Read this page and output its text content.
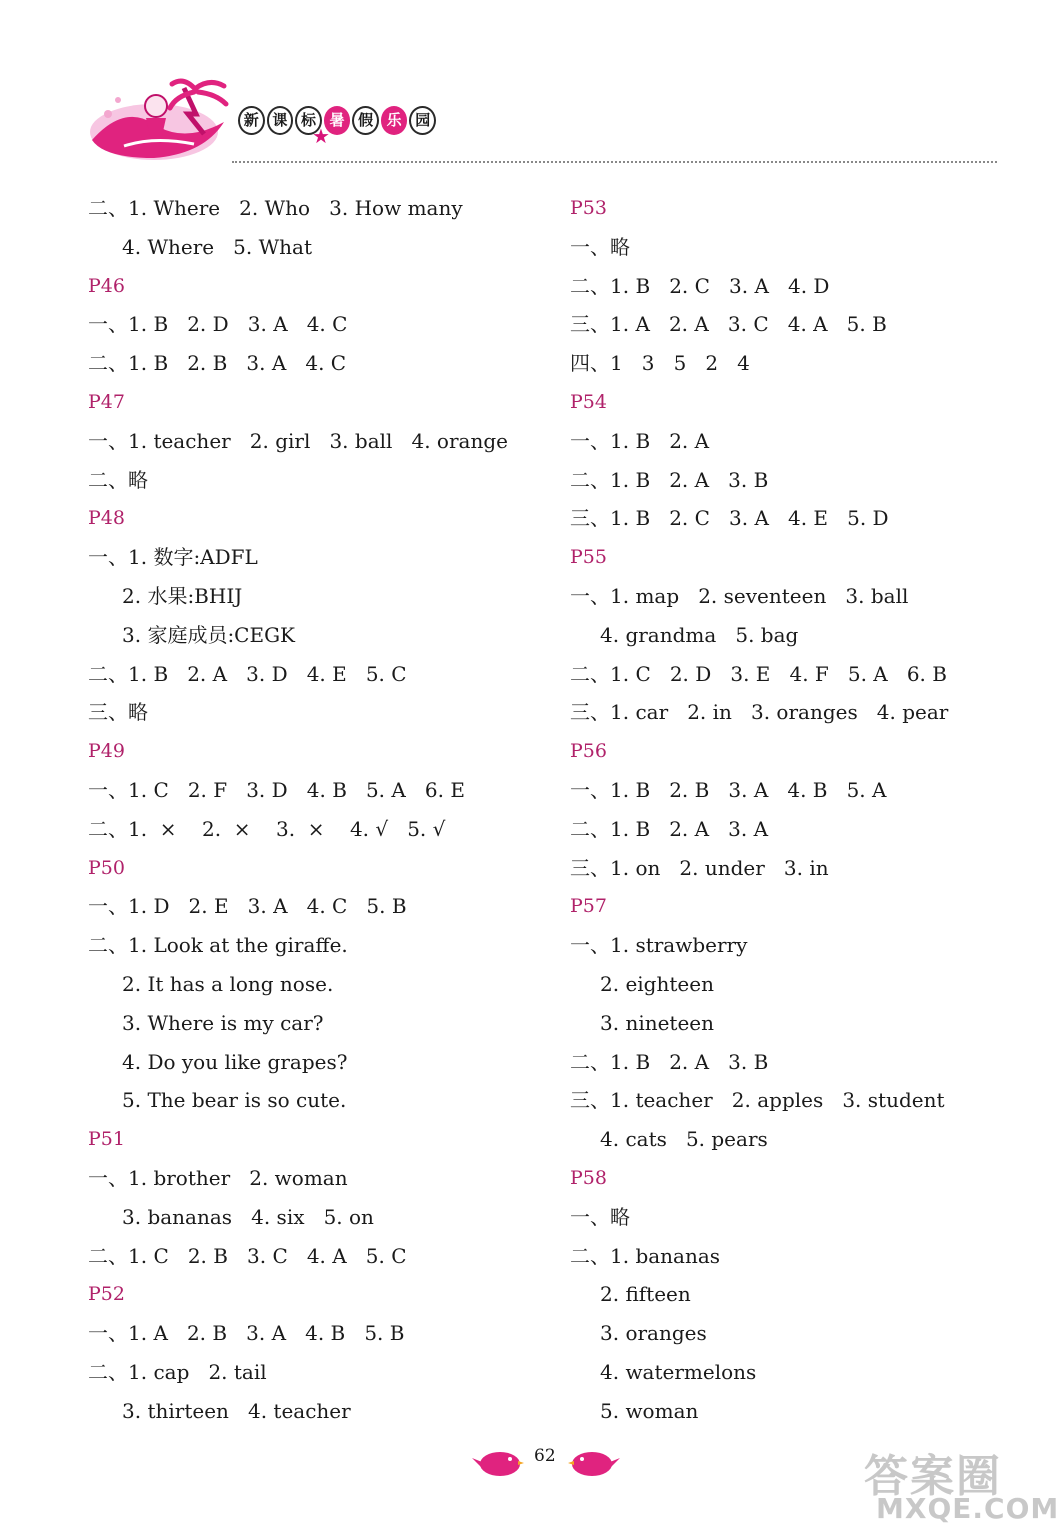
新 课 标 暑 假 乐 园
★
二、1. Where   2. Who   3. How many
4. Where   5. What
P46
一、1. B   2. D   3. A   4. C
二、1. B   2. B   3. A   4. C
P47
一、1. teacher   2. girl   3. ball   4. orange
二、略
P48
一、1. 数字:ADFL
2. 水果:BHIJ
3. 家庭成员:CEGK
二、1. B   2. A   3. D   4. E   5. C
三、略
P49
一、1. C   2. F   3. D   4. B   5. A   6. E
二、1.  ×    2.  ×    3.  ×    4. √   5. √
P50
一、1. D   2. E   3. A   4. C   5. B
二、1. Look at the giraffe.
2. It has a long nose.
3. Where is my car?
4. Do you like grapes?
5. The bear is so cute.
P51
一、1. brother   2. woman
3. bananas   4. six   5. on
二、1. C   2. B   3. C   4. A   5. C
P52
一、1. A   2. B   3. A   4. B   5. B
二、1. cap   2. tail
3. thirteen   4. teacher
P53
一、略
二、1. B   2. C   3. A   4. D
三、1. A   2. A   3. C   4. A   5. B
四、1   3   5   2   4
P54
一、1. B   2. A
二、1. B   2. A   3. B
三、1. B   2. C   3. A   4. E   5. D
P55
一、1. map   2. seventeen   3. ball
4. grandma   5. bag
二、1. C   2. D   3. E   4. F   5. A   6. B
三、1. car   2. in   3. oranges   4. pear
P56
一、1. B   2. B   3. A   4. B   5. A
二、1. B   2. A   3. A
三、1. on   2. under   3. in
P57
一、1. strawberry
2. eighteen
3. nineteen
二、1. B   2. A   3. B
三、1. teacher   2. apples   3. student
4. cats   5. pears
P58
一、略
二、1. bananas
2. fifteen
3. oranges
4. watermelons
5. woman
62	答案圈
MXQE.COM
